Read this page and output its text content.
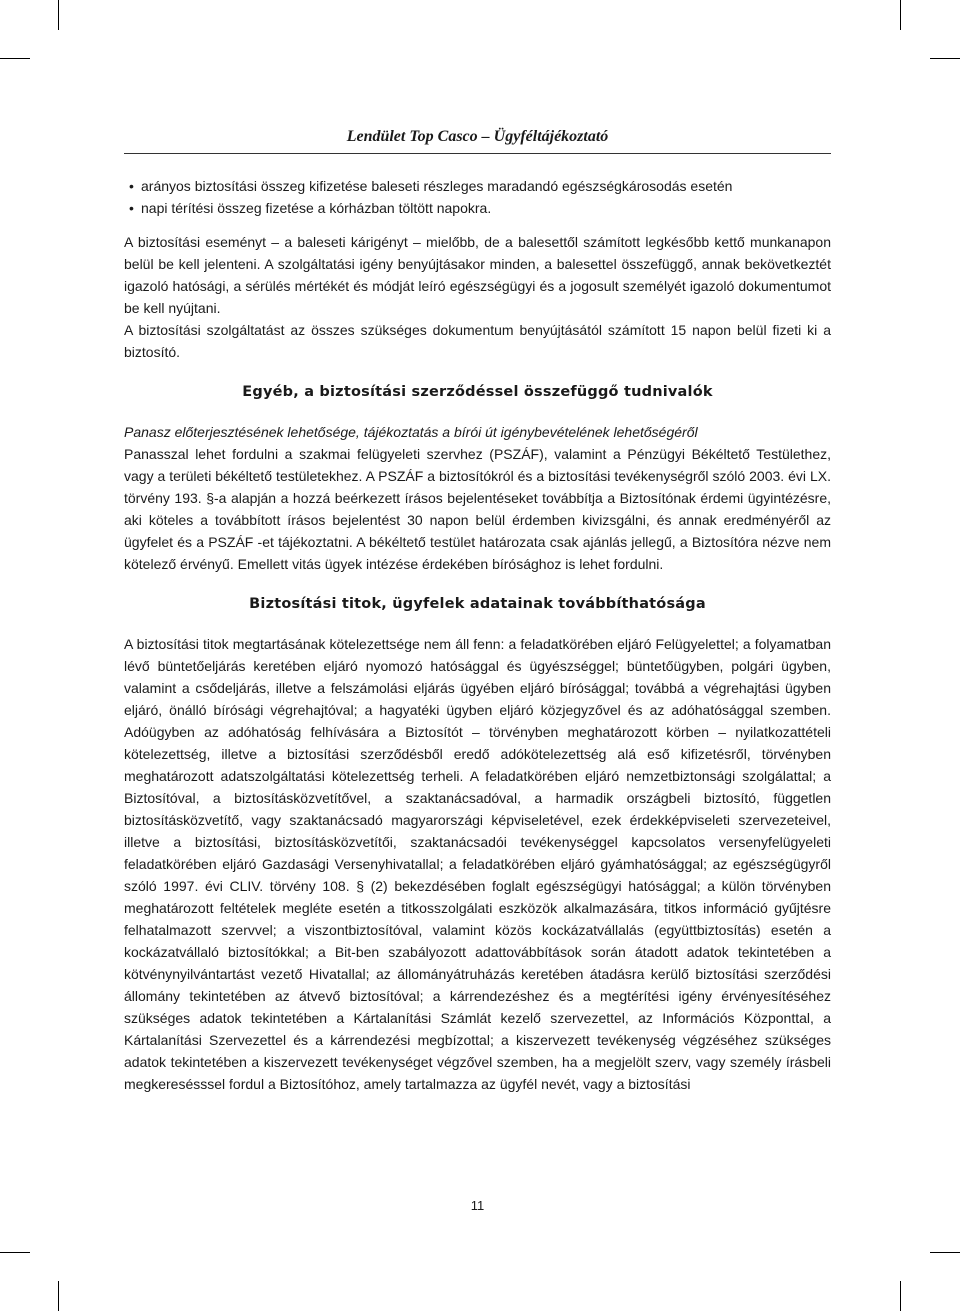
Lendület Top Casco – Ügyféltájékoztató
• arányos biztosítási összeg kifizetése baleseti részleges maradandó egészségkárosodás esetén
• napi térítési összeg fizetése a kórházban töltött napokra.

A biztosítási eseményt – a baleseti kárigényt – mielőbb, de a balesettől számított legkésőbb kettő munkanapon belül be kell jelenteni. A szolgáltatási igény benyújtásakor minden, a balesettel összefüggő, annak bekövetkeztét igazoló hatósági, a sérülés mértékét és módját leíró egészségügyi és a jogosult személyét igazoló dokumentumot be kell nyújtani.

A biztosítási szolgáltatást az összes szükséges dokumentum benyújtásától számított 15 napon belül fizeti ki a biztosító.

Egyéb, a biztosítási szerződéssel összefüggő tudnivalók

Panasz előterjesztésének lehetősége, tájékoztatás a bírói út igénybevételének lehetőségéről

Panasszal lehet fordulni a szakmai felügyeleti szervhez (PSZÁF), valamint a Pénzügyi Békéltető Testülethez, vagy a területi békéltető testületekhez. A PSZÁF a biztosítókról és a biztosítási tevékenységről szóló 2003. évi LX. törvény 193. §-a alapján a hozzá beérkezett írásos bejelentéseket továbbítja a Biztosítónak érdemi ügyintézésre, aki köteles a továbbított írásos bejelentést 30 napon belül érdemben kivizsgálni, és annak eredményéről az ügyfelet és a PSZÁF -et tájékoztatni. A békéltető testület határozata csak ajánlás jellegű, a Biztosítóra nézve nem kötelező érvényű. Emellett vitás ügyek intézése érdekében bírósághoz is lehet fordulni.

Biztosítási titok, ügyfelek adatainak továbbíthatósága

A biztosítási titok megtartásának kötelezettsége nem áll fenn: a feladatkörében eljáró Felügyelettel; a folyamatban lévő büntetőeljárás keretében eljáró nyomozó hatósággal és ügyészséggel; büntetőügyben, polgári ügyben, valamint a csődeljárás, illetve a felszámolási eljárás ügyében eljáró bírósággal; továbbá a végrehajtási ügyben eljáró, önálló bírósági végrehajtóval; a hagyatéki ügyben eljáró közjegyzővel és az adóhatósággal szemben. Adóügyben az adóhatóság felhívására a Biztosítót – törvényben meghatározott körben – nyilatkozattételi kötelezettség, illetve a biztosítási szerződésből eredő adókötelezettség alá eső kifizetésről, törvényben meghatározott adatszolgáltatási kötelezettség terheli. A feladatkörében eljáró nemzetbiztonsági szolgálattal; a Biztosítóval, a biztosításközvetítővel, a szaktanácsadóval, a harmadik országbeli biztosító, független biztosításközvetítő, vagy szaktanácsadó magyarországi képviseletével, ezek érdekképviseleti szervezeteivel, illetve a biztosítási, biztosításközvetítői, szaktanácsadói tevékenységgel kapcsolatos versenyfelügyeleti feladatkörében eljáró Gazdasági Versenyhivatallal; a feladatkörében eljáró gyámhatósággal; az egészségügyről szóló 1997. évi CLIV. törvény 108. § (2) bekezdésében foglalt egészségügyi hatósággal; a külön törvényben meghatározott feltételek megléte esetén a titkosszolgálati eszközök alkalmazására, titkos információ gyűjtésre felhatalmazott szervvel; a viszontbiztosítóval, valamint közös kockázatvállalás (együttbiztosítás) esetén a kockázatvállaló biztosítókkal; a Bit-ben szabályozott adattovábbítások során átadott adatok tekintetében a kötvénynyilvántartást vezető Hivatallal; az állományátruházás keretében átadásra kerülő biztosítási szerződési állomány tekintetében az átvevő biztosítóval; a kárrendezéshez és a megtérítési igény érvényesítéséhez szükséges adatok tekintetében a Kártalanítási Számlát kezelő szervezettel, az Információs Központtal, a Kártalanítási Szervezettel és a kárrendezési megbízottal; a kiszervezett tevékenység végzéséhez szükséges adatok tekintetében a kiszervezett tevékenységet végzővel szemben, ha a megjelölt szerv, vagy személy írásbeli megkeresésssel fordul a Biztosítóhoz, amely tartalmazza az ügyfél nevét, vagy a biztosítási

11
